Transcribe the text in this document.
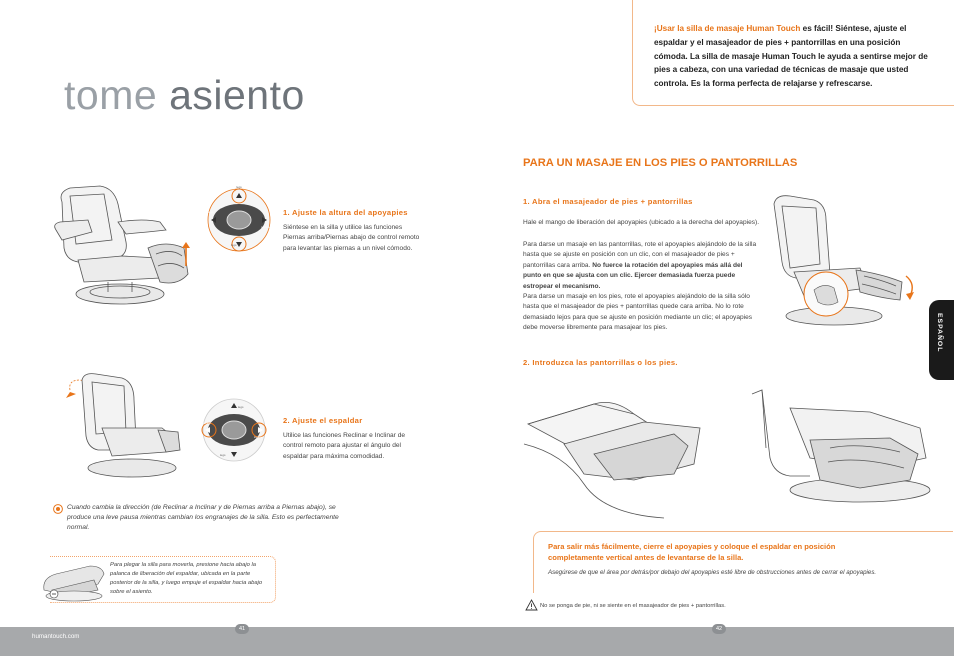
tome asiento
¡Usar la silla de masaje Human Touch es fácil! Siéntese, ajuste el espaldar y el masajeador de pies + pantorrillas en una posición cómoda. La silla de masaje Human Touch le ayuda a sentirse mejor de pies a cabeza, con una variedad de técnicas de masaje que usted controla. Es la forma perfecta de relajarse y refrescarse.
legs
legs
recline
legs
1. Ajuste la altura del apoyapies
Siéntese en la silla y utilice las funciones Piernas arriba/Piernas abajo de control remoto para levantar las piernas a un nivel cómodo.
legs
recline
incline
legs
2. Ajuste el espaldar
Utilice las funciones Reclinar e Inclinar de control remoto para ajustar el ángulo del espaldar para máxima comodidad.
Cuando cambia la dirección (de Reclinar a Inclinar y de Piernas arriba a Piernas abajo), se produce una leve pausa mientras cambian los engranajes de la silla. Esto es perfectamente normal.
Para plegar la silla para moverla, presione hacia abajo la palanca de liberación del espaldar, ubicada en la parte posterior de la silla, y luego empuje el espaldar hacia abajo sobre el asiento.
PARA UN MASAJE EN LOS PIES O PANTORRILLAS
1. Abra el masajeador de pies + pantorrillas
Hale el mango de liberación del apoyapies (ubicado a la derecha del apoyapies).
Para darse un masaje en las pantorrillas, rote el apoyapies alejándolo de la silla hasta que se ajuste en posición con un clic, con el masajeador de pies + pantorrillas cara arriba. No fuerce la rotación del apoyapies más allá del punto en que se ajusta con un clic. Ejercer demasiada fuerza puede estropear el mecanismo.
Para darse un masaje en los pies, rote el apoyapies alejándolo de la silla sólo hasta que el masajeador de pies + pantorrillas quede cara arriba. No lo rote demasiado lejos para que se ajuste en posición mediante un clic; el apoyapies debe moverse libremente para masajear los pies.
2. Introduzca las pantorrillas o los pies.
Para salir más fácilmente, cierre el apoyapies y coloque el espaldar en posición completamente vertical antes de levantarse de la silla.
Asegúrese de que el área por detrás/por debajo del apoyapies esté libre de obstrucciones antes de cerrar el apoyapies.
No se ponga de pie, ni se siente en el masajeador de pies + pantorrillas.
ESPAÑOL
humantouch.com
41	42
